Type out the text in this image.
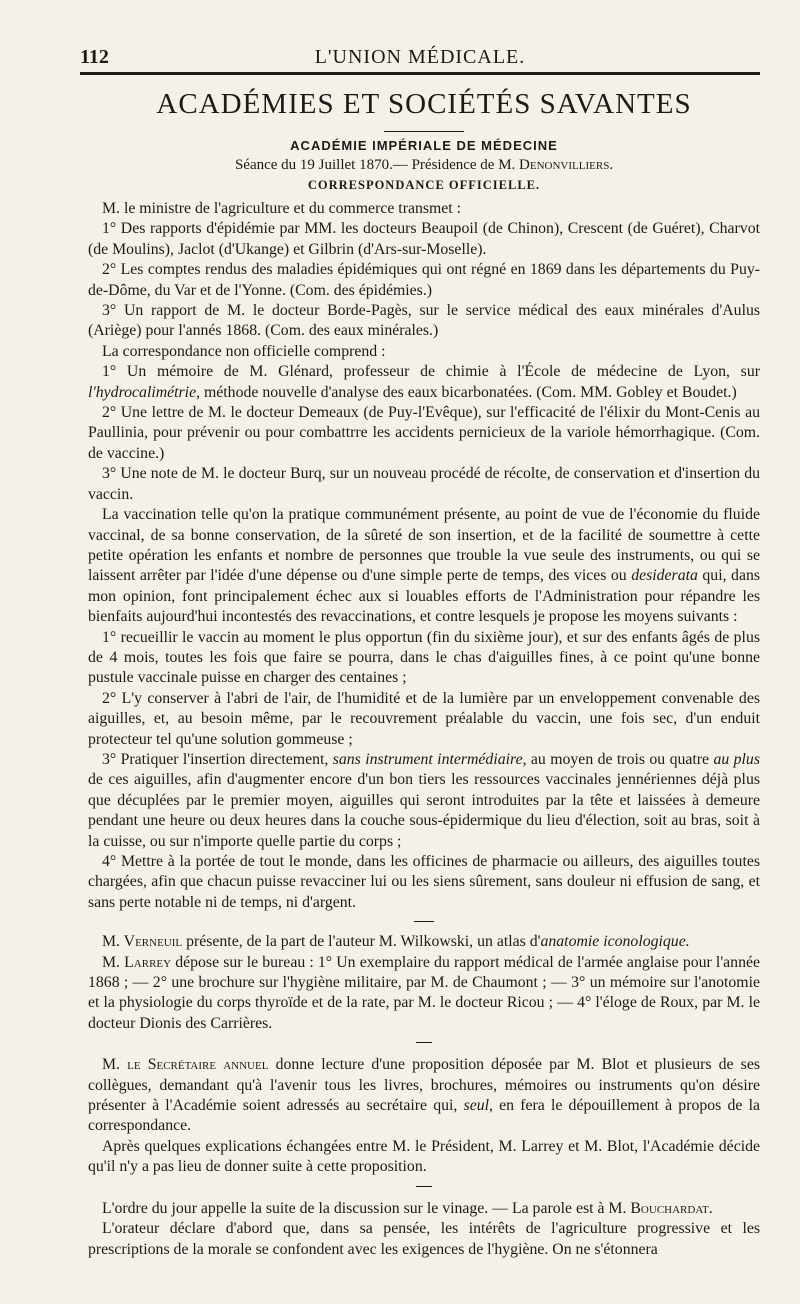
112	L'UNION MÉDICALE.
ACADÉMIES ET SOCIÉTÉS SAVANTES
ACADÉMIE IMPÉRIALE DE MÉDECINE
Séance du 19 Juillet 1870.— Présidence de M. Denonvilliers.
CORRESPONDANCE OFFICIELLE.

M. le ministre de l'agriculture et du commerce transmet :

1° Des rapports d'épidémie par MM. les docteurs Beaupoil (de Chinon), Crescent (de Guéret), Charvot (de Moulins), Jaclot (d'Ukange) et Gilbrin (d'Ars-sur-Moselle).

2° Les comptes rendus des maladies épidémiques qui ont régné en 1869 dans les départements du Puy-de-Dôme, du Var et de l'Yonne. (Com. des épidémies.)

3° Un rapport de M. le docteur Borde-Pagès, sur le service médical des eaux minérales d'Aulus (Ariège) pour l'annés 1868. (Com. des eaux minérales.)

La correspondance non officielle comprend :

1° Un mémoire de M. Glénard, professeur de chimie à l'École de médecine de Lyon, sur l'hydrocalimétrie, méthode nouvelle d'analyse des eaux bicarbonatées. (Com. MM. Gobley et Boudet.)

2° Une lettre de M. le docteur Demeaux (de Puy-l'Evêque), sur l'efficacité de l'élixir du Mont-Cenis au Paullinia, pour prévenir ou pour combattrre les accidents pernicieux de la variole hémorrhagique. (Com. de vaccine.)

3° Une note de M. le docteur Burq, sur un nouveau procédé de récolte, de conservation et d'insertion du vaccin.

La vaccination telle qu'on la pratique communément présente, au point de vue de l'économie du fluide vaccinal, de sa bonne conservation, de la sûreté de son insertion, et de la facilité de soumettre à cette petite opération les enfants et nombre de personnes que trouble la vue seule des instruments, ou qui se laissent arrêter par l'idée d'une dépense ou d'une simple perte de temps, des vices ou desiderata qui, dans mon opinion, font principalement échec aux si louables efforts de l'Administration pour répandre les bienfaits aujourd'hui incontestés des revaccinations, et contre lesquels je propose les moyens suivants :

1° recueillir le vaccin au moment le plus opportun (fin du sixième jour), et sur des enfants âgés de plus de 4 mois, toutes les fois que faire se pourra, dans le chas d'aiguilles fines, à ce point qu'une bonne pustule vaccinale puisse en charger des centaines ;

2° L'y conserver à l'abri de l'air, de l'humidité et de la lumière par un enveloppement convenable des aiguilles, et, au besoin même, par le recouvrement préalable du vaccin, une fois sec, d'un enduit protecteur tel qu'une solution gommeuse ;

3° Pratiquer l'insertion directement, sans instrument intermédiaire, au moyen de trois ou quatre au plus de ces aiguilles, afin d'augmenter encore d'un bon tiers les ressources vaccinales jennériennes déjà plus que décuplées par le premier moyen, aiguilles qui seront introduites par la tête et laissées à demeure pendant une heure ou deux heures dans la couche sous-épidermique du lieu d'élection, soit au bras, soit à la cuisse, ou sur n'importe quelle partie du corps ;

4° Mettre à la portée de tout le monde, dans les officines de pharmacie ou ailleurs, des aiguilles toutes chargées, afin que chacun puisse revacciner lui ou les siens sûrement, sans douleur ni effusion de sang, et sans perte notable ni de temps, ni d'argent.

M. Verneuil présente, de la part de l'auteur M. Wilkowski, un atlas d'anatomie iconologique.

M. Larrey dépose sur le bureau : 1° Un exemplaire du rapport médical de l'armée anglaise pour l'année 1868 ; — 2° une brochure sur l'hygiène militaire, par M. de Chaumont ; — 3° un mémoire sur l'anotomie et la physiologie du corps thyroïde et de la rate, par M. le docteur Ricou ; — 4° l'éloge de Roux, par M. le docteur Dionis des Carrières.

M. le Secrétaire annuel donne lecture d'une proposition déposée par M. Blot et plusieurs de ses collègues, demandant qu'à l'avenir tous les livres, brochures, mémoires ou instruments qu'on désire présenter à l'Académie soient adressés au secrétaire qui, seul, en fera le dépouillement à propos de la correspondance.

Après quelques explications échangées entre M. le Président, M. Larrey et M. Blot, l'Académie décide qu'il n'y a pas lieu de donner suite à cette proposition.

L'ordre du jour appelle la suite de la discussion sur le vinage. — La parole est à M. Bouchardat.

L'orateur déclare d'abord que, dans sa pensée, les intérêts de l'agriculture progressive et les prescriptions de la morale se confondent avec les exigences de l'hygiène. On ne s'étonnera
